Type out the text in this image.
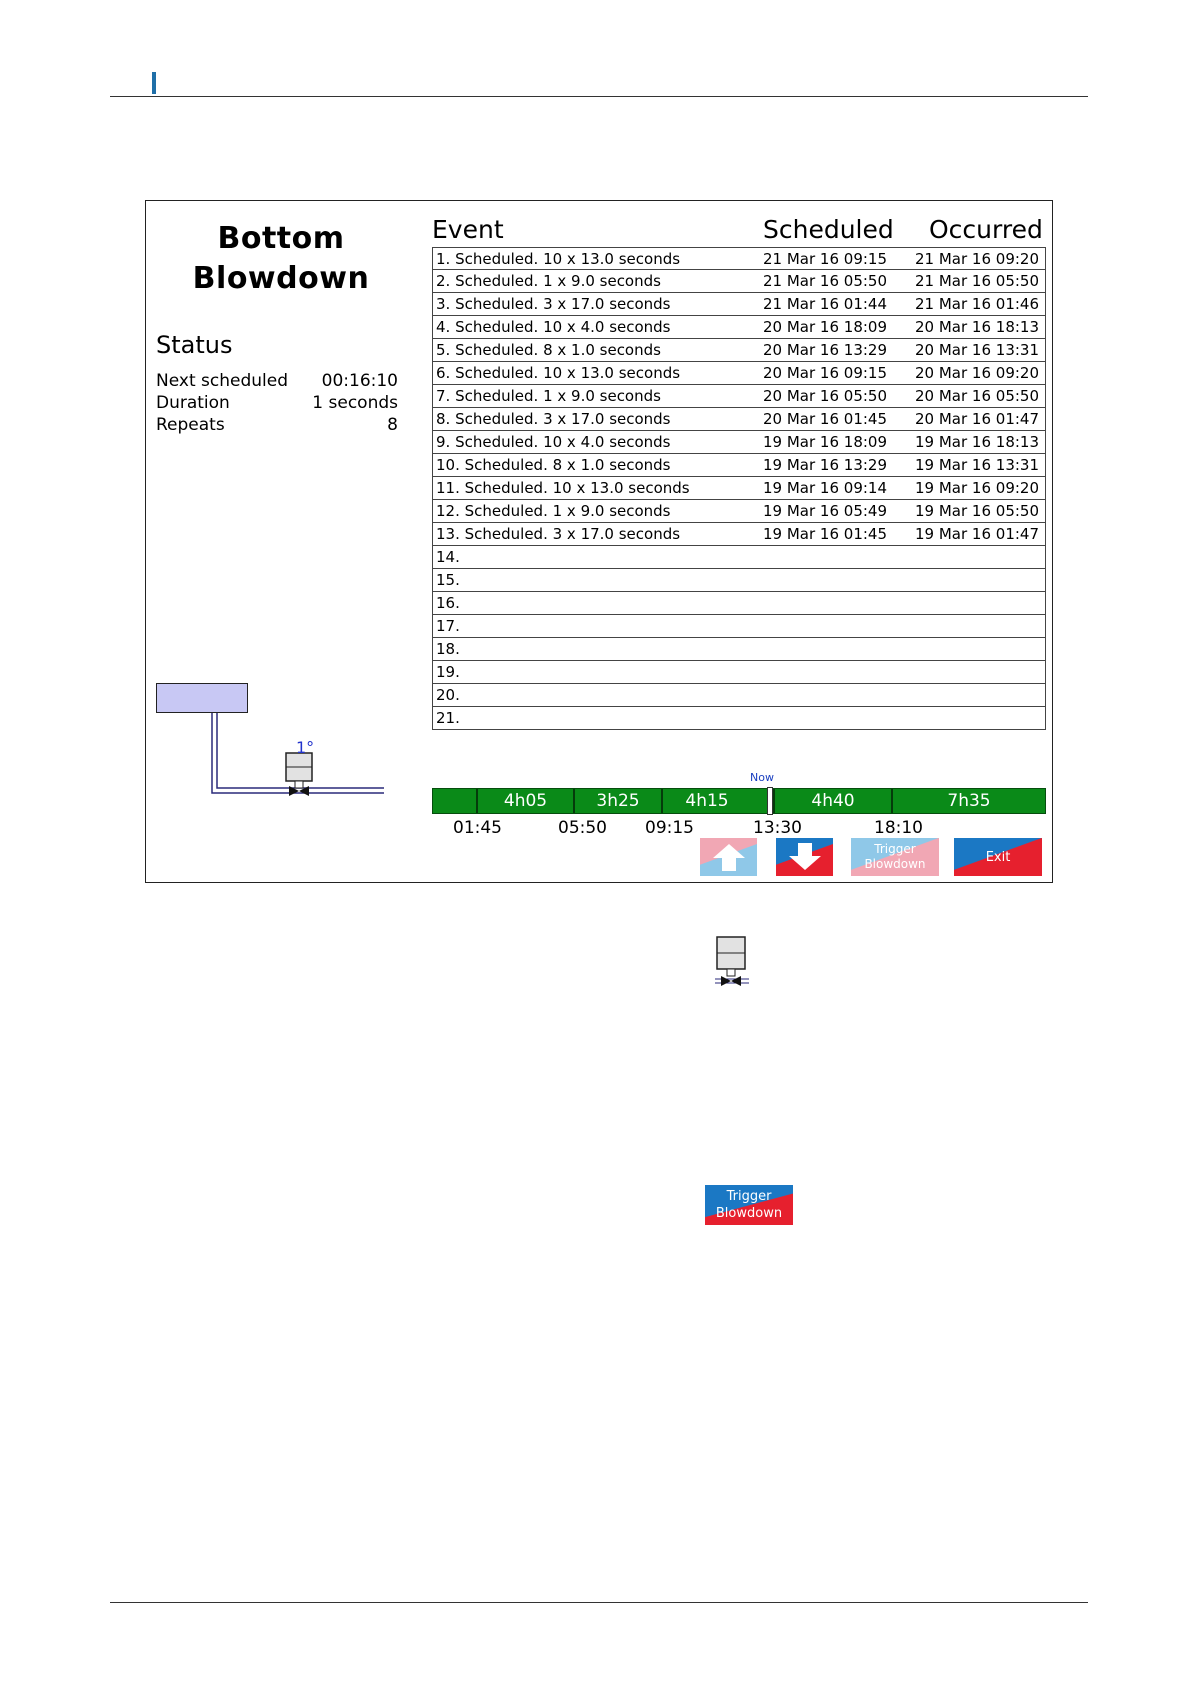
Bottom
Blowdown
Status
Next scheduled 00:16:10
Duration	1 seconds
Repeats	8
1°
Event	Scheduled Occurred
1. Scheduled. 10 x 13.0 seconds	21 Mar 16 09:15 21 Mar 16 09:20
2. Scheduled. 1 x 9.0 seconds	21 Mar 16 05:50 21 Mar 16 05:50
3. Scheduled. 3 x 17.0 seconds	21 Mar 16 01:44 21 Mar 16 01:46
4. Scheduled. 10 x 4.0 seconds	20 Mar 16 18:09 20 Mar 16 18:13
5. Scheduled. 8 x 1.0 seconds	20 Mar 16 13:29 20 Mar 16 13:31
6. Scheduled. 10 x 13.0 seconds	20 Mar 16 09:15 20 Mar 16 09:20
7. Scheduled. 1 x 9.0 seconds	20 Mar 16 05:50 20 Mar 16 05:50
8. Scheduled. 3 x 17.0 seconds	20 Mar 16 01:45 20 Mar 16 01:47
9. Scheduled. 10 x 4.0 seconds	19 Mar 16 18:09 19 Mar 16 18:13
10. Scheduled. 8 x 1.0 seconds	19 Mar 16 13:29 19 Mar 16 13:31
11. Scheduled. 10 x 13.0 seconds	19 Mar 16 09:14 19 Mar 16 09:20
12. Scheduled. 1 x 9.0 seconds	19 Mar 16 05:49 19 Mar 16 05:50
13. Scheduled. 3 x 17.0 seconds	19 Mar 16 01:45 19 Mar 16 01:47
14.
15.
16.
17.
18.
19.
20.
21.
Now
4h05	3h25	4h15	4h40	7h35
01:45	05:50 09:15	13:30	18:10
Trigger
Blowdown	Exit
Trigger
Blowdown
